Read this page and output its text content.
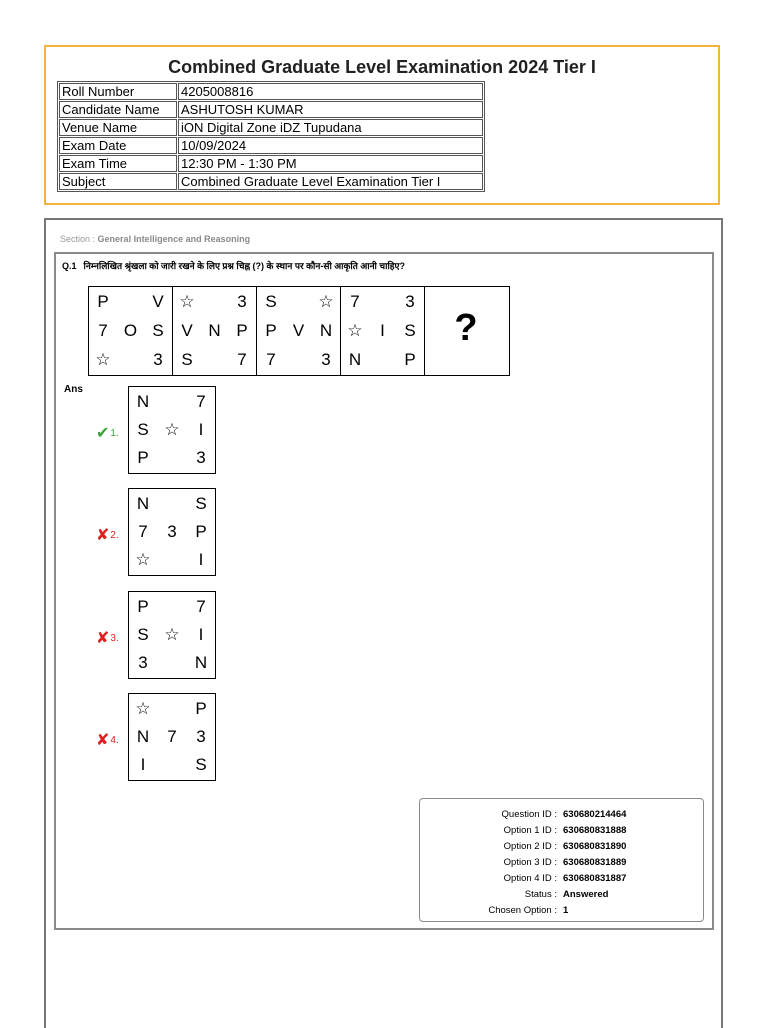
Combined Graduate Level Examination 2024 Tier I
Roll Number	4205008816
Candidate Name	ASHUTOSH KUMAR
Venue Name	iON Digital Zone iDZ Tupudana
Exam Date	10/09/2024
Exam Time	12:30 PM - 1:30 PM
Subject	Combined Graduate Level Examination Tier I
Section : General Intelligence and Reasoning
Q.1 निम्नलिखित श्रृंखला को जारी रखने के लिए प्रश्न चिह्न (?) के स्थान पर कौन-सी आकृति आनी चाहिए?
P	V
7 O S
☆	3
☆	3
V N P
S	7
S ☆
P V N
7	3
7	3
☆	I	S
N	P
?
Ans
✔1.
N	7
S ☆	I
P	3
✘2.
N	S
7 3 P
☆	I
✘3.
P	7
S ☆	I
3	N
✘4.
☆	P
N 7 3
I	S
Question ID : 630680214464
Option 1 ID : 630680831888
Option 2 ID : 630680831890
Option 3 ID : 630680831889
Option 4 ID : 630680831887
Status : Answered
Chosen Option : 1
